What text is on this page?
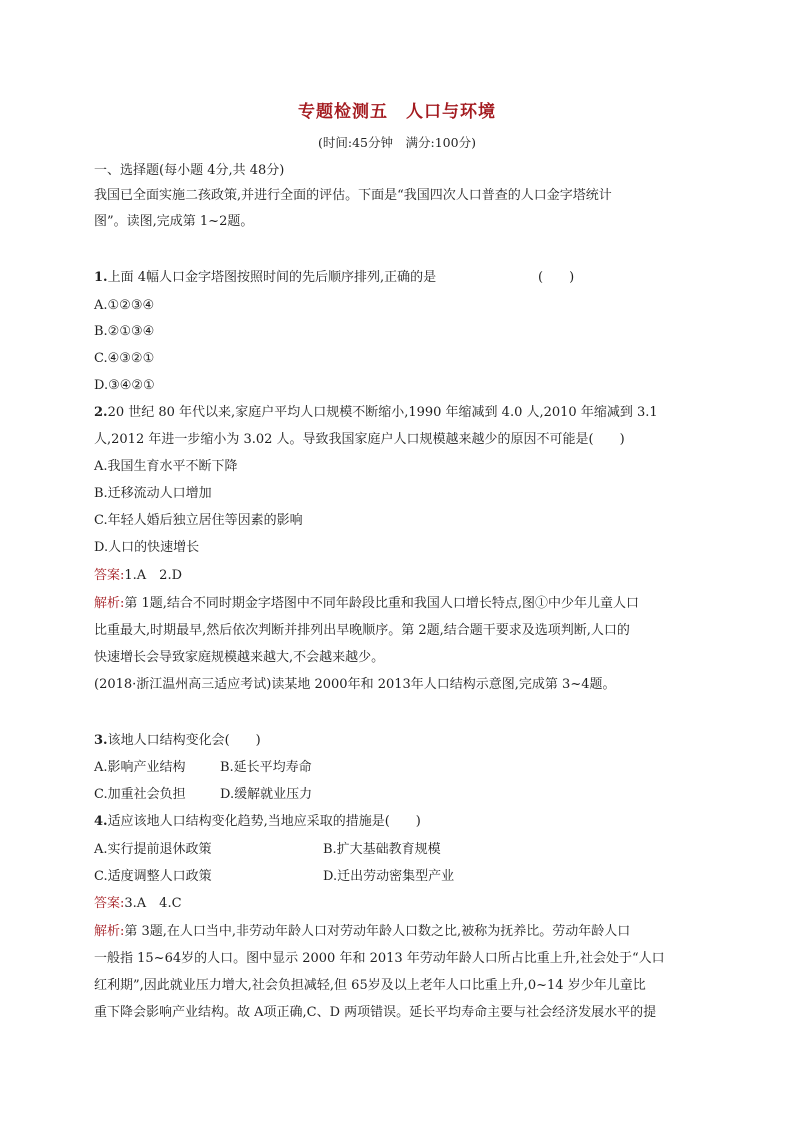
专题检测五　人口与环境
(时间:45分钟　满分:100分)
一、选择题(每小题 4分,共 48分)
我国已全面实施二孩政策,并进行全面的评估。下面是“我国四次人口普查的人口金字塔统计
图”。读图,完成第 1~2题。
1.上面 4幅人口金字塔图按照时间的先后顺序排列,正确的是	(　　)
A.①②③④
B.②①③④
C.④③②①
D.③④②①
2.20 世纪 80 年代以来,家庭户平均人口规模不断缩小,1990 年缩减到 4.0 人,2010 年缩减到 3.1
人,2012 年进一步缩小为 3.02 人。导致我国家庭户人口规模越来越少的原因不可能是(　　)
A.我国生育水平不断下降
B.迁移流动人口增加
C.年轻人婚后独立居住等因素的影响
D.人口的快速增长
答案:1.A　2.D
解析:第 1题,结合不同时期金字塔图中不同年龄段比重和我国人口增长特点,图①中少年儿童人口
比重最大,时期最早,然后依次判断并排列出早晚顺序。第 2题,结合题干要求及选项判断,人口的
快速增长会导致家庭规模越来越大,不会越来越少。
(2018·浙江温州高三适应考试)读某地 2000年和 2013年人口结构示意图,完成第 3~4题。
3.该地人口结构变化会(　　)
A.影响产业结构	B.延长平均寿命
C.加重社会负担	D.缓解就业压力
4.适应该地人口结构变化趋势,当地应采取的措施是(　　)
A.实行提前退休政策	B.扩大基础教育规模
C.适度调整人口政策	D.迁出劳动密集型产业
答案:3.A　4.C
解析:第 3题,在人口当中,非劳动年龄人口对劳动年龄人口数之比,被称为抚养比。劳动年龄人口
一般指 15~64岁的人口。图中显示 2000 年和 2013 年劳动年龄人口所占比重上升,社会处于“人口
红利期”,因此就业压力增大,社会负担减轻,但 65岁及以上老年人口比重上升,0~14 岁少年儿童比
重下降会影响产业结构。故 A项正确,C、D 两项错误。延长平均寿命主要与社会经济发展水平的提
